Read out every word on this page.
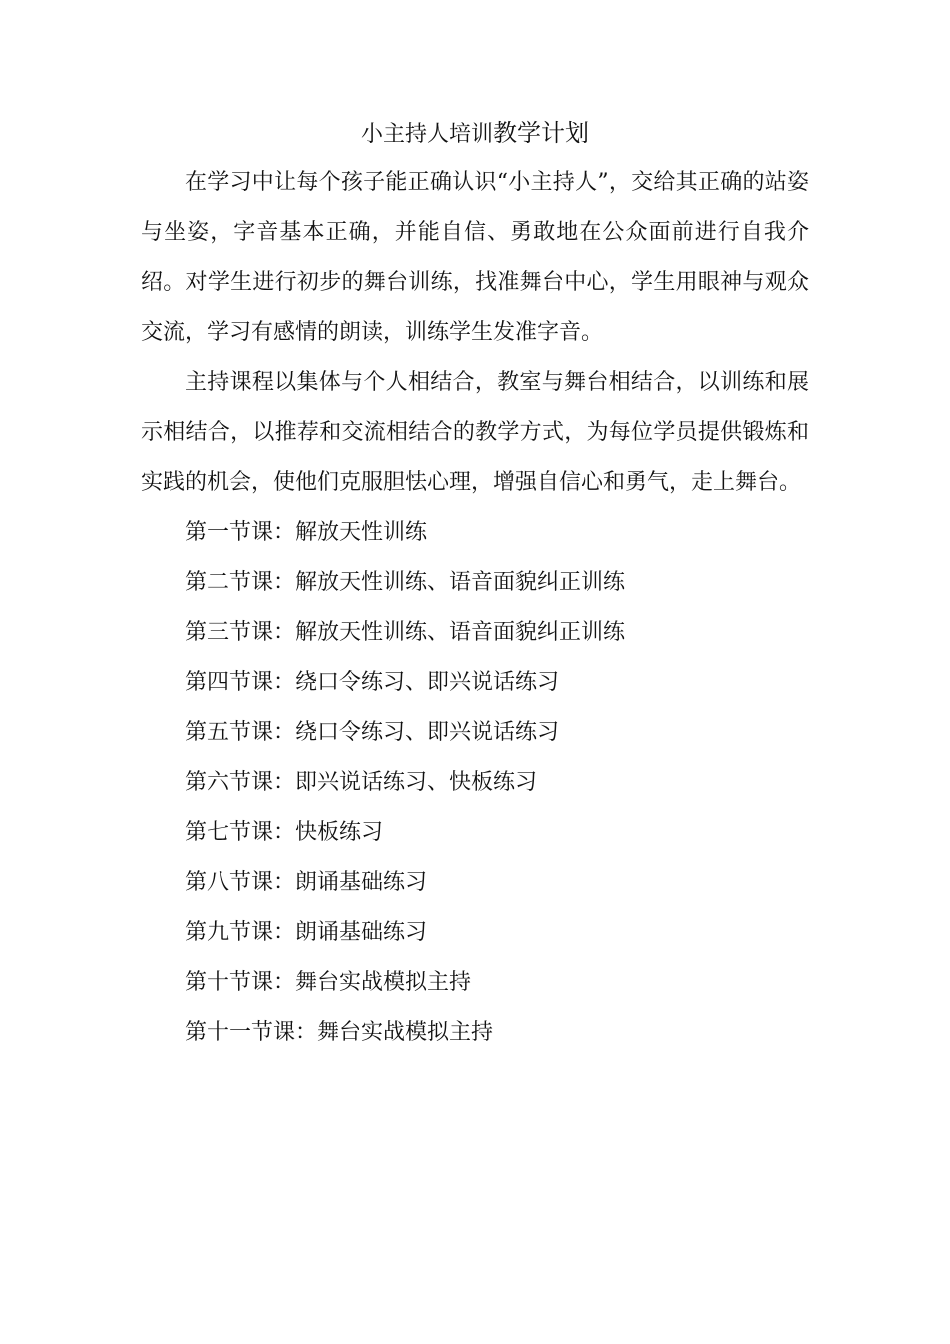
小主持人培训教学计划

在学习中让每个孩子能正确认识“小主持人”，交给其正确的站姿与坐姿，字音基本正确，并能自信、勇敢地在公众面前进行自我介绍。对学生进行初步的舞台训练，找准舞台中心，学生用眼神与观众交流，学习有感情的朗读，训练学生发准字音。

主持课程以集体与个人相结合，教室与舞台相结合，以训练和展示相结合，以推荐和交流相结合的教学方式，为每位学员提供锻炼和实践的机会，使他们克服胆怯心理，增强自信心和勇气，走上舞台。

第一节课：解放天性训练
第二节课：解放天性训练、语音面貌纠正训练
第三节课：解放天性训练、语音面貌纠正训练
第四节课：绕口令练习、即兴说话练习
第五节课：绕口令练习、即兴说话练习
第六节课：即兴说话练习、快板练习
第七节课：快板练习
第八节课：朗诵基础练习
第九节课：朗诵基础练习
第十节课：舞台实战模拟主持
第十一节课：舞台实战模拟主持
